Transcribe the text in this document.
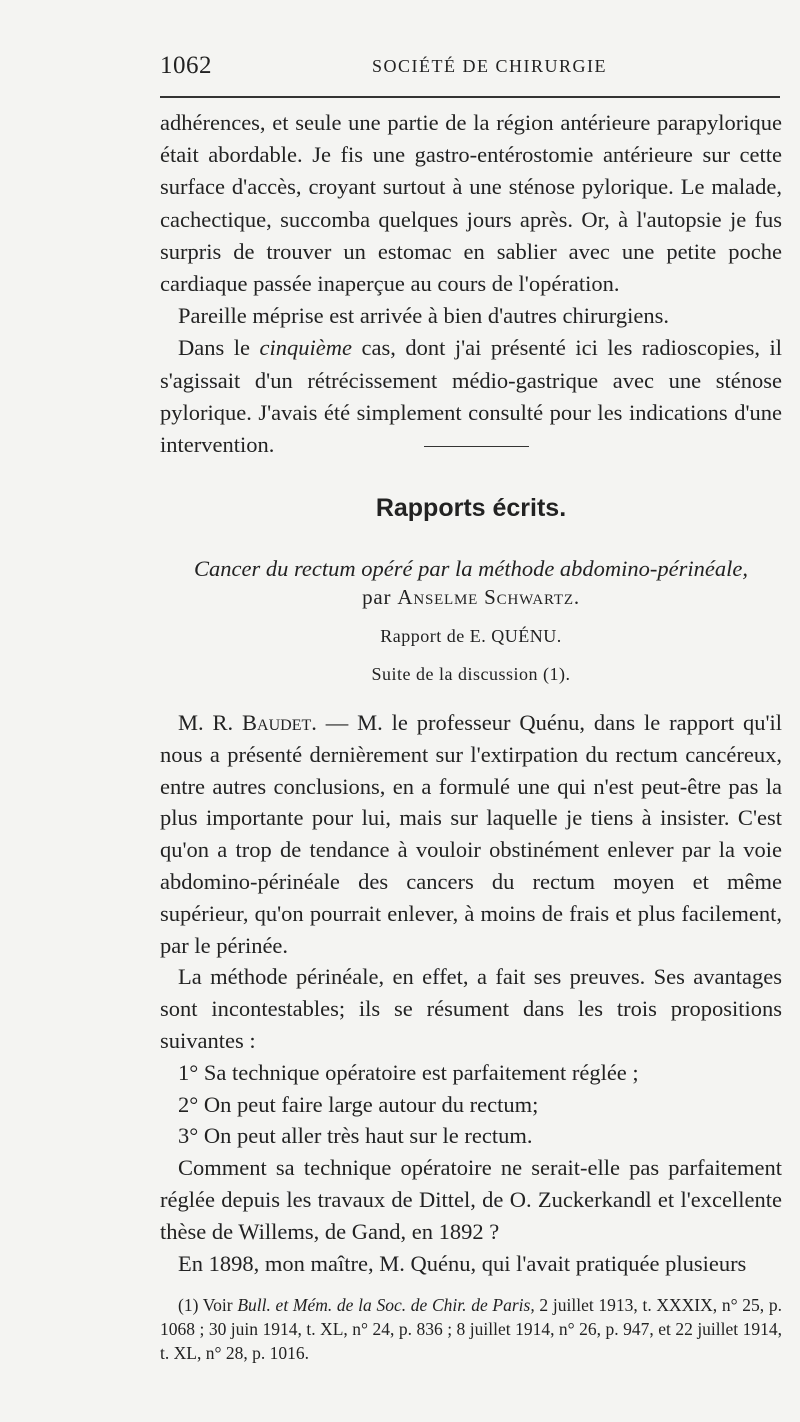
1062	SOCIÉTÉ DE CHIRURGIE

adhérences, et seule une partie de la région antérieure parapylorique était abordable. Je fis une gastro-entérostomie antérieure sur cette surface d'accès, croyant surtout à une sténose pylorique. Le malade, cachectique, succomba quelques jours après. Or, à l'autopsie je fus surpris de trouver un estomac en sablier avec une petite poche cardiaque passée inaperçue au cours de l'opération.

Pareille méprise est arrivée à bien d'autres chirurgiens.

Dans le cinquième cas, dont j'ai présenté ici les radioscopies, il s'agissait d'un rétrécissement médio-gastrique avec une sténose pylorique. J'avais été simplement consulté pour les indications d'une intervention.

Rapports écrits.
Cancer du rectum opéré par la méthode abdomino-périnéale,
par Anselme Schwartz.
Rapport de E. QUÉNU.
Suite de la discussion (1).

M. R. Baudet. — M. le professeur Quénu, dans le rapport qu'il nous a présenté dernièrement sur l'extirpation du rectum cancéreux, entre autres conclusions, en a formulé une qui n'est peut-être pas la plus importante pour lui, mais sur laquelle je tiens à insister. C'est qu'on a trop de tendance à vouloir obstinément enlever par la voie abdomino-périnéale des cancers du rectum moyen et même supérieur, qu'on pourrait enlever, à moins de frais et plus facilement, par le périnée.

La méthode périnéale, en effet, a fait ses preuves. Ses avantages sont incontestables; ils se résument dans les trois propositions suivantes :

1° Sa technique opératoire est parfaitement réglée ;

2° On peut faire large autour du rectum;

3° On peut aller très haut sur le rectum.

Comment sa technique opératoire ne serait-elle pas parfaitement réglée depuis les travaux de Dittel, de O. Zuckerkandl et l'excellente thèse de Willems, de Gand, en 1892 ?

En 1898, mon maître, M. Quénu, qui l'avait pratiquée plusieurs

(1) Voir Bull. et Mém. de la Soc. de Chir. de Paris, 2 juillet 1913, t. XXXIX, n° 25, p. 1068 ; 30 juin 1914, t. XL, n° 24, p. 836 ; 8 juillet 1914, n° 26, p. 947, et 22 juillet 1914, t. XL, n° 28, p. 1016.
